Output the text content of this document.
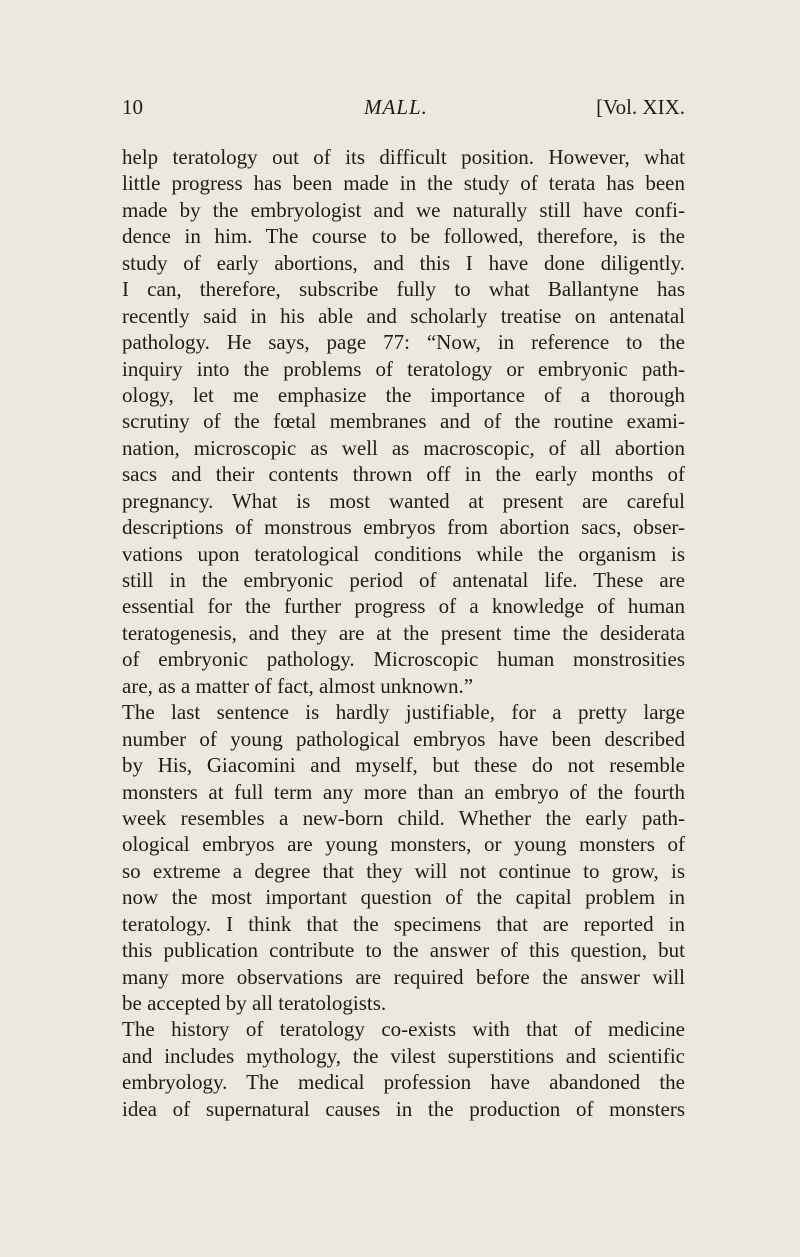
10	MALL.	[Vol. XIX.
help teratology out of its difficult position. However, what
little progress has been made in the study of terata has been
made by the embryologist and we naturally still have confi-
dence in him. The course to be followed, therefore, is the
study of early abortions, and this I have done diligently.
I can, therefore, subscribe fully to what Ballantyne has
recently said in his able and scholarly treatise on antenatal
pathology. He says, page 77: “Now, in reference to the
inquiry into the problems of teratology or embryonic path-
ology, let me emphasize the importance of a thorough
scrutiny of the fœtal membranes and of the routine exami-
nation, microscopic as well as macroscopic, of all abortion
sacs and their contents thrown off in the early months of
pregnancy. What is most wanted at present are careful
descriptions of monstrous embryos from abortion sacs, obser-
vations upon teratological conditions while the organism is
still in the embryonic period of antenatal life. These are
essential for the further progress of a knowledge of human
teratogenesis, and they are at the present time the desiderata
of embryonic pathology. Microscopic human monstrosities
are, as a matter of fact, almost unknown.”
The last sentence is hardly justifiable, for a pretty large
number of young pathological embryos have been described
by His, Giacomini and myself, but these do not resemble
monsters at full term any more than an embryo of the fourth
week resembles a new-born child. Whether the early path-
ological embryos are young monsters, or young monsters of
so extreme a degree that they will not continue to grow, is
now the most important question of the capital problem in
teratology. I think that the specimens that are reported in
this publication contribute to the answer of this question, but
many more observations are required before the answer will
be accepted by all teratologists.
The history of teratology co-exists with that of medicine
and includes mythology, the vilest superstitions and scientific
embryology. The medical profession have abandoned the
idea of supernatural causes in the production of monsters
